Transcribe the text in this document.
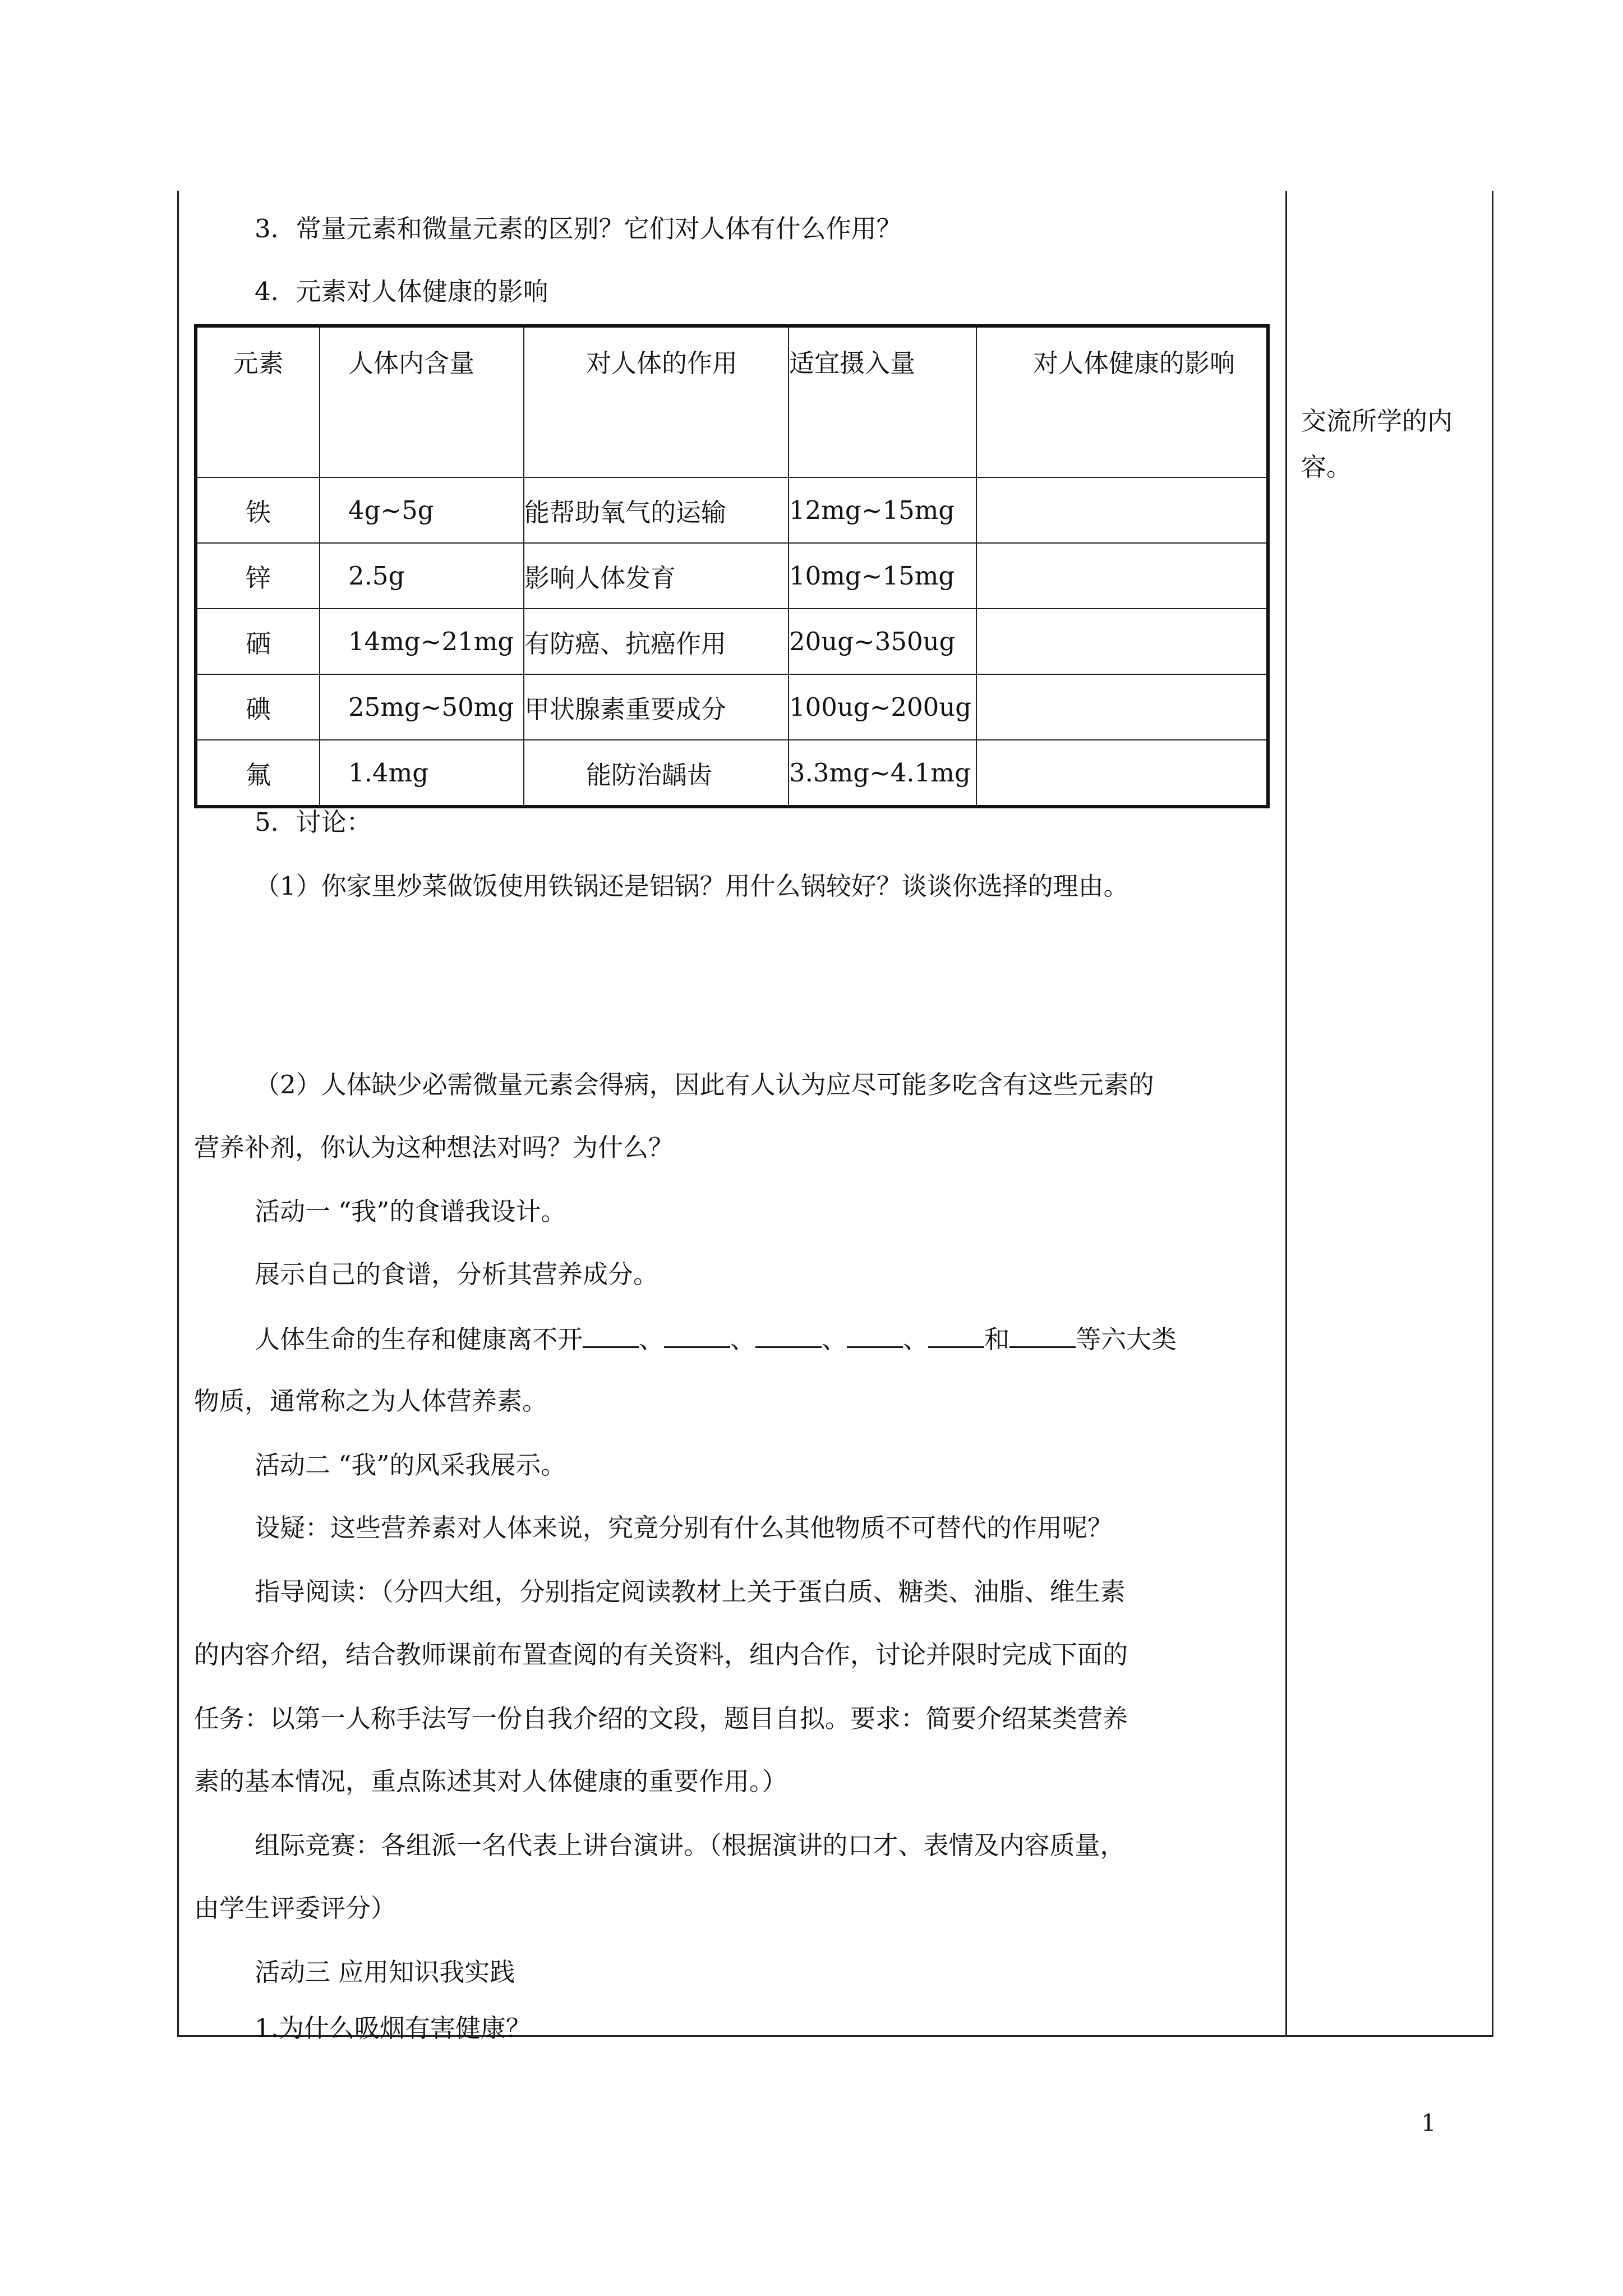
3．常量元素和微量元素的区别？它们对人体有什么作用？

4．元素对人体健康的影响

元素	人体内含量	对人体的作用	适宜摄入量	对人体健康的影响
铁	4g~5g	能帮助氧气的运输	12mg~15mg	
锌	2.5g	影响人体发育	10mg~15mg	
硒	14mg~21mg	有防癌、抗癌作用	20ug~350ug	
碘	25mg~50mg	甲状腺素重要成分	100ug~200ug	
氟	1.4mg	能防治龋齿	3.3mg~4.1mg	
交流所学的内容。

5．讨论：

（1）你家里炒菜做饭使用铁锅还是铝锅？用什么锅较好？谈谈你选择的理由。

（2）人体缺少必需微量元素会得病，因此有人认为应尽可能多吃含有这些元素的

营养补剂，你认为这种想法对吗？为什么？

活动一 “我”的食谱我设计。

展示自己的食谱，分析其营养成分。

人体生命的生存和健康离不开 、	、	、 、 和	等六大类

物质，通常称之为人体营养素。

活动二 “我”的风采我展示。

设疑：这些营养素对人体来说，究竟分别有什么其他物质不可替代的作用呢？

指导阅读：（分四大组，分别指定阅读教材上关于蛋白质、糖类、油脂、维生素

的内容介绍，结合教师课前布置查阅的有关资料，组内合作，讨论并限时完成下面的

任务：以第一人称手法写一份自我介绍的文段，题目自拟。要求：简要介绍某类营养

素的基本情况，重点陈述其对人体健康的重要作用。）

组际竞赛：各组派一名代表上讲台演讲。（根据演讲的口才、表情及内容质量，

由学生评委评分）

活动三 应用知识我实践

1.为什么吸烟有害健康？

1
